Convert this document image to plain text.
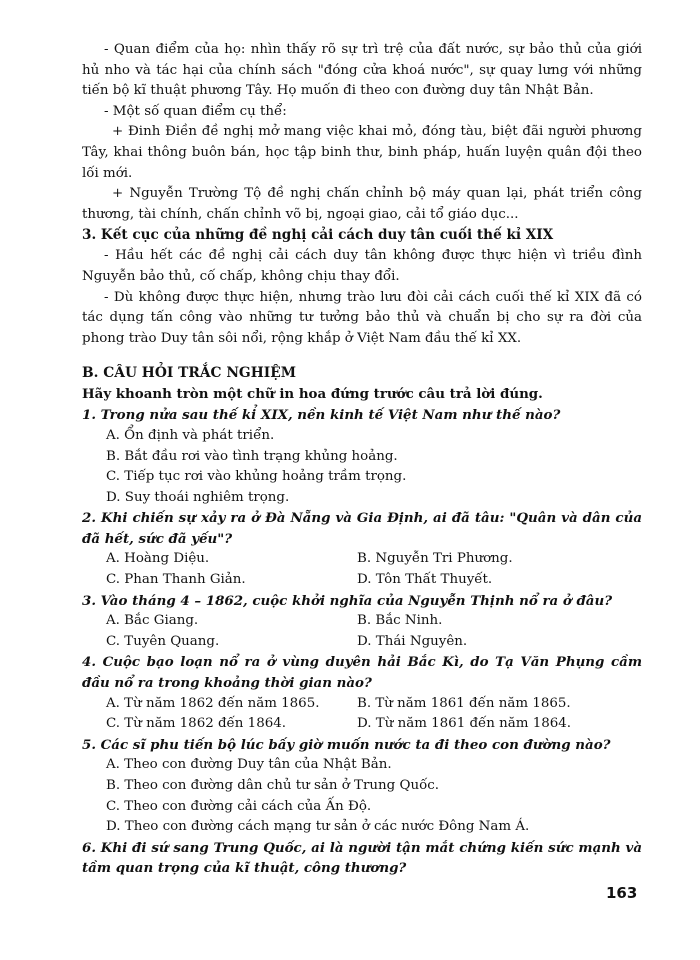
- Quan điểm của họ: nhìn thấy rõ sự trì trệ của đất nước, sự bảo thủ của giới hủ nho và tác hại của chính sách "đóng cửa khoá nước", sự quay lưng với những tiến bộ kĩ thuật phương Tây. Họ muốn đi theo con đường duy tân Nhật Bản.

- Một số quan điểm cụ thể:

+ Đinh Điền đề nghị mở mang việc khai mỏ, đóng tàu, biệt đãi người phương Tây, khai thông buôn bán, học tập binh thư, binh pháp, huấn luyện quân đội theo lối mới.

+ Nguyễn Trường Tộ đề nghị chấn chỉnh bộ máy quan lại, phát triển công thương, tài chính, chấn chỉnh võ bị, ngoại giao, cải tổ giáo dục...

3. Kết cục của những đề nghị cải cách duy tân cuối thế kỉ XIX

- Hầu hết các đề nghị cải cách duy tân không được thực hiện vì triều đình Nguyễn bảo thủ, cố chấp, không chịu thay đổi.

- Dù không được thực hiện, nhưng trào lưu đòi cải cách cuối thế kỉ XIX đã có tác dụng tấn công vào những tư tưởng bảo thủ và chuẩn bị cho sự ra đời của phong trào Duy tân sôi nổi, rộng khắp ở Việt Nam đầu thế kỉ XX.

B. CÂU HỎI TRẮC NGHIỆM

Hãy khoanh tròn một chữ in hoa đứng trước câu trả lời đúng.

1. Trong nửa sau thế kỉ XIX, nền kinh tế Việt Nam như thế nào?

A. Ổn định và phát triển.

B. Bắt đầu rơi vào tình trạng khủng hoảng.

C. Tiếp tục rơi vào khủng hoảng trầm trọng.

D. Suy thoái nghiêm trọng.

2. Khi chiến sự xảy ra ở Đà Nẵng và Gia Định, ai đã tâu: "Quân và dân của đã hết, sức đã yếu"?

A. Hoàng Diệu.	B. Nguyễn Tri Phương.
C. Phan Thanh Giản.	D. Tôn Thất Thuyết.

3. Vào tháng 4 – 1862, cuộc khởi nghĩa của Nguyễn Thịnh nổ ra ở đâu?

A. Bắc Giang.	B. Bắc Ninh.
C. Tuyên Quang.	D. Thái Nguyên.

4. Cuộc bạo loạn nổ ra ở vùng duyên hải Bắc Kì, do Tạ Văn Phụng cầm đầu nổ ra trong khoảng thời gian nào?

A. Từ năm 1862 đến năm 1865.	B. Từ năm 1861 đến năm 1865.
C. Từ năm 1862 đến 1864.	D. Từ năm 1861 đến năm 1864.

5. Các sĩ phu tiến bộ lúc bấy giờ muốn nước ta đi theo con đường nào?

A. Theo con đường Duy tân của Nhật Bản.

B. Theo con đường dân chủ tư sản ở Trung Quốc.

C. Theo con đường cải cách của Ấn Độ.

D. Theo con đường cách mạng tư sản ở các nước Đông Nam Á.

6. Khi đi sứ sang Trung Quốc, ai là người tận mắt chứng kiến sức mạnh và tầm quan trọng của kĩ thuật, công thương?

163
